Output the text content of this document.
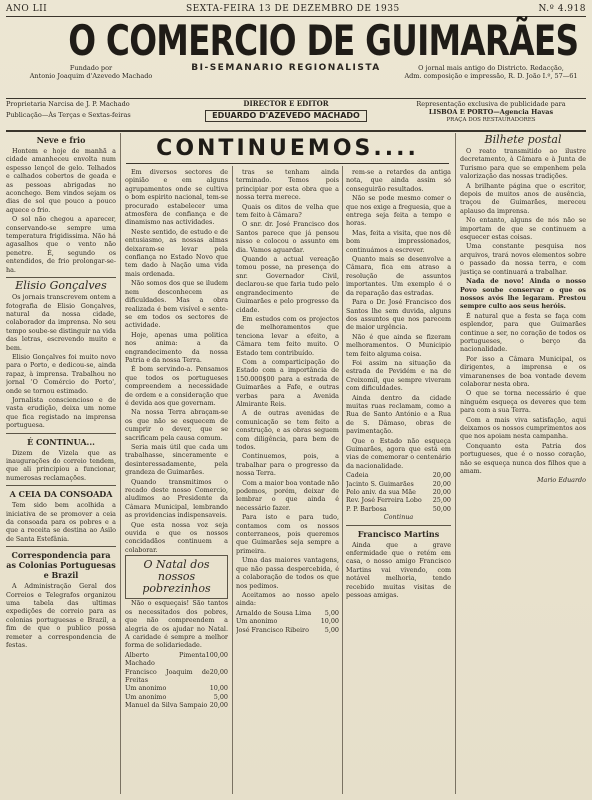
ANO LII	SEXTA-FEIRA 13 DE DEZEMBRO DE 1935	N.º 4.918
O COMERCIO DE GUIMARÃES
Fundado por
Antonio Joaquim d'Azevedo Machado
BI-SEMANARIO REGIONALISTA	O jornal mais antigo do Districto. Redacção,
Adm. composição e impressão, R. D. João I.º, 57—61
Proprietaria Narcisa de J. P. Machado
Publicação—Às Terças e Sextas-feiras
DIRECTOR E EDITOR
EDUARDO D'AZEVEDO MACHADO
Representação exclusiva de publicidade para
LISBOA E PORTO—Agencia Havas
PRAÇA DOS RESTAURADORES
CONTINUEMOS....
Neve e frio

Hontem e hoje de manhã a cidade amanheceu envolta num espesso lençol de gelo. Telhados e calhados cobertos de geada e as pessoas abrigadas no aconchego. Bem vindos sejam os dias de sol que pouco a pouco aquece o frio.

O sol não chegou a aparecer, conservando-se sempre uma temperatura frigidissima. Não há agasalhos que o vento não penetre. É, segundo os entendidos, de frio prolongar-se-ha.

Elisio Gonçalves

Os jornais transcrevem ontem a fotografia de Elisio Gonçalves, natural da nossa cidade, colaborador da imprensa. No seu tempo soube-se distinguir na vida das letras, escrevendo muito e bem.

Elisio Gonçalves foi muito novo para o Porto, e dedicou-se, ainda rapaz, à imprensa. Trabalhou no jornal 'O Comércio do Porto', onde se tornou estimado.

Jornalista consciencioso e de vasta erudição, deixa um nome que fica registado na imprensa portuguesa.

É CONTINUA...

Dizem de Vizela que as inaugurações do correio tendem, que ali principiou a funcionar, numerosas reclamações.

A CEIA DA CONSOADA

Tem sido bem acolhida a iniciativa de se promover a ceia da consoada para os pobres e a que a receita se destina ao Asilo de Santa Estefânia.

Correspondencia para as Colonias Portuguesas e Brazil

A Administração Geral dos Correios e Telegrafos organizou uma tabela das ultimas expedições de correio para as colonias portuguesas e Brazil, a fim de que o publico possa remeter a correspondencia de festas.

Em diversos sectores de opinião e em alguns agrupamentos onde se cultiva o bom espirito nacional, tem-se procurado estabelecer uma atmosfera de confiança e de dinamismo nas actividades.

Neste sentido, de estudo e de entusiasmo, as nossas almas deixaram-se levar pela confiança no Estado Novo que tem dado à Nação uma vida mais ordenada.

Não somos dos que se iludem nem desconhecem as dificuldades. Mas a obra realizada é bem visível e sente-se em todos os sectores de actividade.

Hoje, apenas uma politica nos anima: a da engrandecimento da nossa Patria e da nossa Terra.

É bom servindo-a. Pensamos que todos os portugueses compreendem a necessidade de ordem e a consideração que é devida aos que governam.

Na nossa Terra abraçam-se os que não se esquecem de cumprir o dever, que se sacrificam pela causa comum.

Seria mais útil que cada um trabalhasse, sinceramente e desinteressadamente, pela grandeza de Guimarães.

Quando transmitimos o recado deste nosso Comercio, aludimos ao Presidente da Câmara Municipal, lembrando as providencias indispensaveis.

Que esta nossa voz seja ouvida e que os nossos concidadãos continuem a colaborar.

O Natal dos nossos pobrezinhos

Não o esqueçais! São tantos os necessitados dos pobres, que não compreendem a alegria de os ajudar no Natal. A caridade é sempre a melhor forma de solidariedade.

Alberto Pimenta Machado
100,00
Francisco Joaquim de Freitas
20,00
Um anonimo	10,00
Um anonimo	5,00
Manuel da Silva Sampaio 20,00

tras se tenham ainda terminado. Temos pois principiar por esta obra que a nossa terra merece.

Quais os ditos de velha que tem feito à Câmara?

O snr. dr. José Francisco dos Santos parece que já pensou nisso e colocou o assunto em dia. Vamos aguardar.

Quando a actual vereação tomou posse, na presença do snr. Governador Civil, declarou-se que faria tudo pelo engrandecimento de Guimarães e pelo progresso da cidade.

Em estudos com os projectos de melhoramentos que tenciona levar a efeito, a Câmara tem feito muito. O Estado tem contribuído.

Com a comparticipação do Estado com a importância de 150.000$00 para a estrada de Guimarães a Fafe, e outras verbas para a Avenida Almirante Reis.

A de outras avenidas de comunicação se tem feito a construção, e as obras seguem com diligência, para bem de todos.

Continuemos, pois, a trabalhar para o progresso da nossa Terra.

Com a maior boa vontade não podemos, porém, deixar de lembrar o que ainda é necessário fazer.

Para isto e para tudo, contamos com os nossos conterraneos, pois queremos que Guimarães seja sempre a primeira.

Uma das maiores vantagens, que não passa despercebida, é a colaboração de todos os que nos pedimos.

Aceitamos ao nosso apelo ainda:

Arnaldo de Sousa Lima 5,00
Um anonimo	10,00
José Francisco Ribeiro 5,00

rem-se a retardes da antiga nota, que ainda assim só conseguirão resultados.

Não se pode mesmo comer o que nos exige a freguesia, que a entrega seja feita a tempo e horas.

Mas, feita a visita, que nos dê bom impressionados, continuámos a escrever.

Quanto mais se desenvolve a Câmara, fica em atraso a resolução de assuntos importantes. Um exemplo é o da reparação das estradas.

Para o Dr. José Francisco dos Santos lhe sem duvida, alguns dos assuntos que nos parecem de maior urgência.

Não é que ainda se fizeram melhoramentos. O Municipio tem feito alguma coisa.

Foi assim na situação da estrada de Pevidém e na de Creixomil, que sempre viveram com dificuldades.

Ainda dentro da cidade muitas ruas reclamam, como a Rua de Santo António e a Rua de S. Dâmaso, obras de pavimentação.

Que o Estado não esqueça Guimarães, agora que está em vias de comemorar o centenário da nacionalidade.

Cadeia	20,00
Jacinto S. Guimarães	20,00
Pelo aniv. da sua Mãe	20,00
Rev. José Ferreira Lobo 25,00
P. P. Barbosa	50,00
Continua
Francisco Martins

Ainda que a grave enfermidade que o retém em casa, o nosso amigo Francisco Martins vai vivendo, com notável melhoria, tendo recebido muitas visitas de pessoas amigas.

Bilhete postal

O reato transmitido ao ilustre decretamento, à Câmara e à Junta de Turismo para que se empenhem pela valorização das nossas tradições.

A brilhante página que o escritor, depois de muitos anos de ausência, traçou de Guimarães, mereceu aplauso da imprensa.

No entanto, alguns de nós não se importam de que se continuem a esquecer estas coisas.

Uma constante pesquisa nos arquivos, trará novos elementos sobre o passado da nossa terra, e com justiça se continuará a trabalhar.

Nada de novo! Ainda o nosso Povo soube conservar o que os nossos avós lhe legaram. Prestou sempre culto aos seus heróis.

É natural que a festa se faça com esplendor, para que Guimarães continue a ser, no coração de todos os portugueses, o berço da nacionalidade.

Por isso a Câmara Municipal, os dirigentes, a imprensa e os vimaranenses de boa vontade devem colaborar nesta obra.

O que se torna necessário é que ninguém esqueça os deveres que tem para com a sua Terra.

Com a mais viva satisfação, aqui deixamos os nossos cumprimentos aos que nos apoiam nesta campanha.

Conquanto esta Patria dos portugueses, que é o nosso coração, não se esqueça nunca dos filhos que a amam.

Mario Eduardo
